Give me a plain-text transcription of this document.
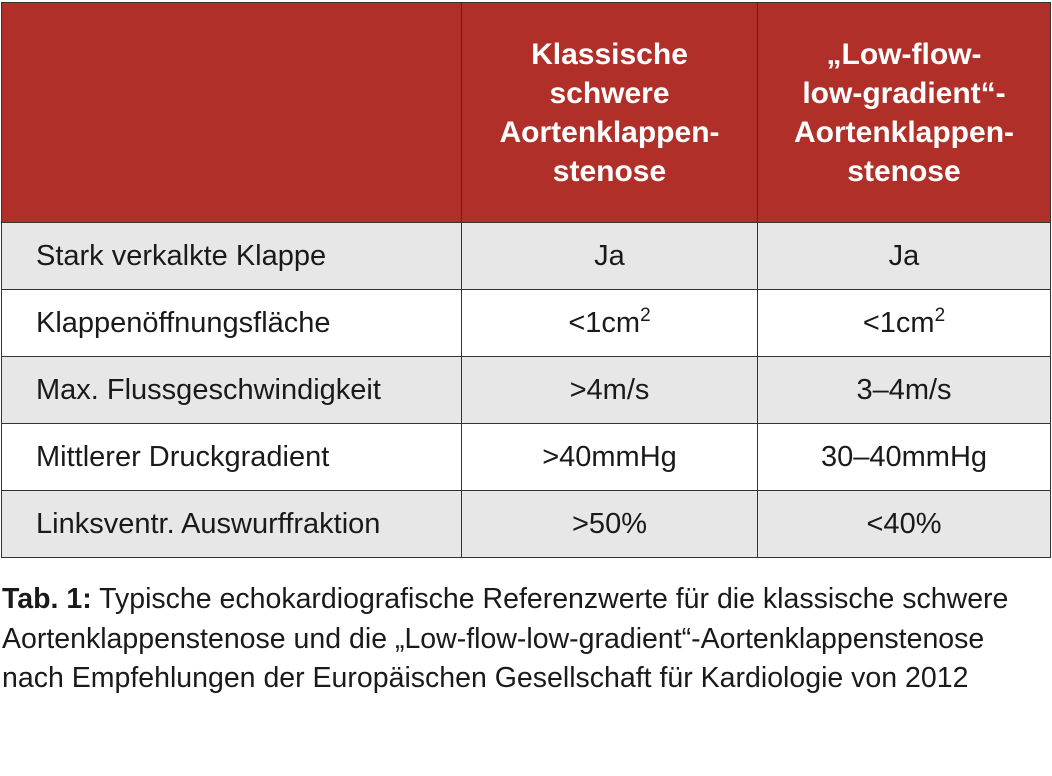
	Klassische
schwere
Aortenklappen-
stenose	„Low-flow-
low-gradient“-
Aortenklappen-
stenose

Stark verkalkte Klappe	Ja	Ja
Klappenöffnungsfläche	$<1cm^2$	$<1cm^2$
Max. Flussgeschwindigkeit	>4m/s	3–4m/s
Mittlerer Druckgradient	>40mmHg	30–40mmHg
Linksventr. Auswurffraktion	>50%	<40%
Tab. 1: Typische echokardiografische Referenzwerte für die klassische schwere Aortenklappenstenose und die „Low-flow-low-gradient“-Aortenklappenstenose nach Empfehlungen der Europäischen Gesellschaft für Kardiologie von 2012
